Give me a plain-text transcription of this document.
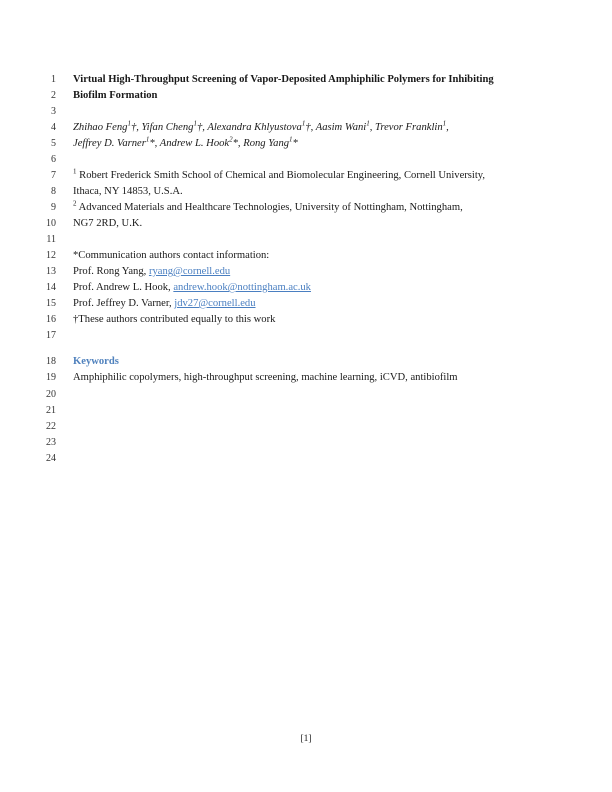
1
2
3
4
5
6
7
8
9
10
11
12
13
14
15
16
17
18
19
20
21
22
23
24
Virtual High-Throughput Screening of Vapor-Deposited Amphiphilic Polymers for Inhibiting
Biofilm Formation
Zhihao Feng$^1$†, Yifan Cheng$^1$†, Alexandra Khlyustova$^1$†, Aasim Wani$^1$, Trevor Franklin$^1$,
Jeffrey D. Varner$^1$*, Andrew L. Hook$^2$*, Rong Yang$^1$*
$^1$ Robert Frederick Smith School of Chemical and Biomolecular Engineering, Cornell University,
Ithaca, NY 14853, U.S.A.
$^2$ Advanced Materials and Healthcare Technologies, University of Nottingham, Nottingham,
NG7 2RD, U.K.
*Communication authors contact information:
Prof. Rong Yang, ryang@cornell.edu
Prof. Andrew L. Hook, andrew.hook@nottingham.ac.uk
Prof. Jeffrey D. Varner, jdv27@cornell.edu
†These authors contributed equally to this work
Keywords
Amphiphilic copolymers, high-throughput screening, machine learning, iCVD, antibiofilm
[1]
